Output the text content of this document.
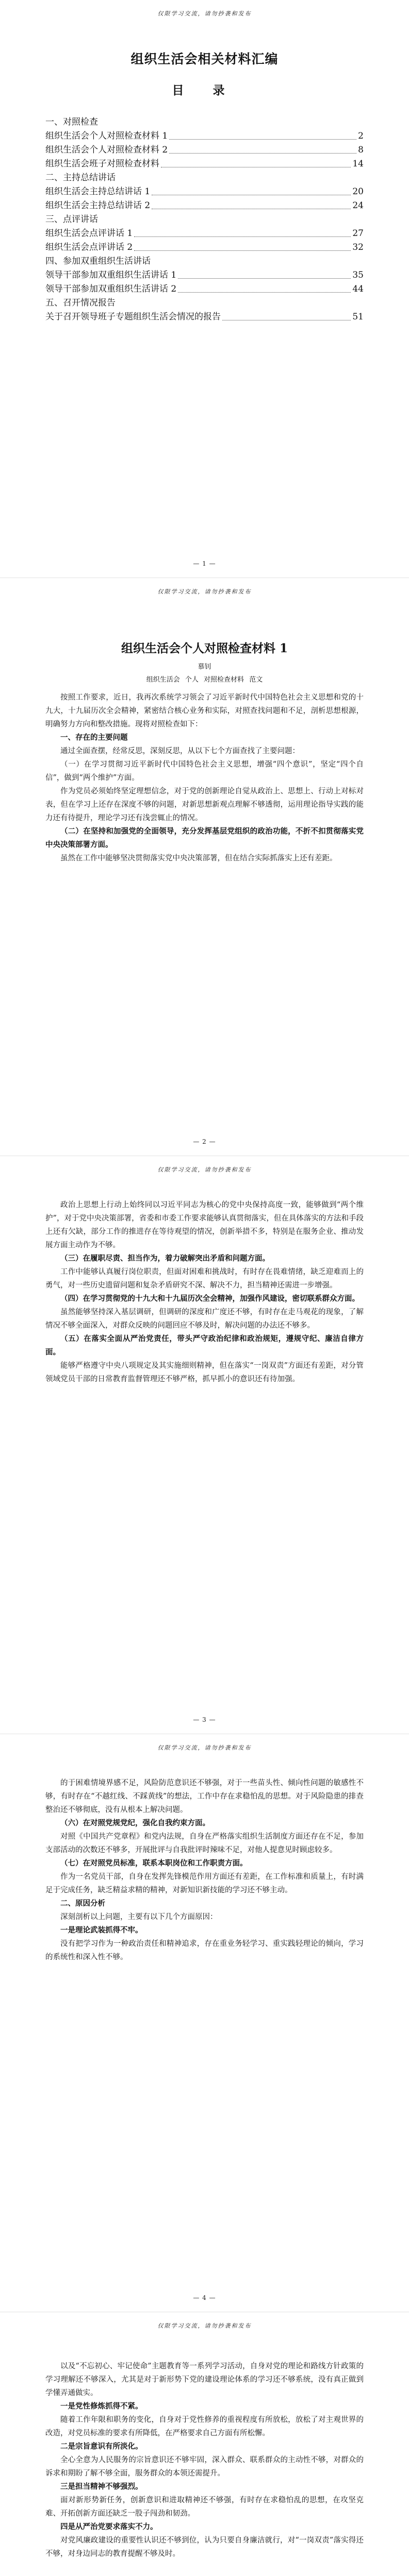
仅限学习交流，请勿抄袭和发布
组织生活会相关材料汇编
目 录
一、对照检查
组织生活会个人对照检查材料 1	2
组织生活会个人对照检查材料 2	8
组织生活会班子对照检查材料	14
二、主持总结讲话
组织生活会主持总结讲话 1	20
组织生活会主持总结讲话 2	24
三、点评讲话
组织生活会点评讲话 1	27
组织生活会点评讲话 2	32
四、参加双重组织生活讲话
领导干部参加双重组织生活讲话 1	35
领导干部参加双重组织生活讲话 2	44
五、召开情况报告
关于召开领导班子专题组织生活会情况的报告	51
— 1 —
仅限学习交流，请勿抄袭和发布
组织生活会个人对照检查材料 1
慕钊
组织生活会 个人 对照检查材料 范文

按照工作要求，近日，我再次系统学习领会了习近平新时代中国特色社会主义思想和党的十九大，十九届历次全会精神，紧密结合核心业务和实际，对照查找问题和不足，剖析思想根源，明确努力方向和整改措施。现将对照检查如下：

一、存在的主要问题

通过全面查摆，经常反思，深刻反思，从以下七个方面查找了主要问题：

（一）在学习贯彻习近平新时代中国特色社会主义思想，增强“四个意识”，坚定“四个自信”，做到“两个维护”方面。

作为党员必须始终坚定理想信念，对于党的创新理论自觉从政治上、思想上、行动上对标对表，但在学习上还存在深度不够的问题，对新思想新观点理解不够透彻，运用理论指导实践的能力还有待提升，理论学习还有浅尝辄止的情况。

（二）在坚持和加强党的全面领导，充分发挥基层党组织的政治功能，不折不扣贯彻落实党中央决策部署方面。

虽然在工作中能够坚决贯彻落实党中央决策部署，但在结合实际抓落实上还有差距。

— 2 —
仅限学习交流，请勿抄袭和发布

政治上思想上行动上始终同以习近平同志为核心的党中央保持高度一致，能够做到“两个维护”，对于党中央决策部署，省委和市委工作要求能够认真贯彻落实，但在具体落实的方法和手段上还有欠缺，部分工作的推进存在等待观望的情况，创新举措不多，特别是在服务企业、推动发展方面主动作为不够。

（三）在履职尽责、担当作为，着力破解突出矛盾和问题方面。

工作中能够认真履行岗位职责，但面对困难和挑战时，有时存在畏难情绪，缺乏迎难而上的勇气，对一些历史遗留问题和复杂矛盾研究不深、解决不力，担当精神还需进一步增强。

（四）在学习贯彻党的十九大和十九届历次全会精神，加强作风建设，密切联系群众方面。

虽然能够坚持深入基层调研，但调研的深度和广度还不够，有时存在走马观花的现象，了解情况不够全面深入，对群众反映的问题回应不够及时，解决问题的办法还不够多。

（五）在落实全面从严治党责任，带头严守政治纪律和政治规矩，遵规守纪、廉洁自律方面。

能够严格遵守中央八项规定及其实施细则精神，但在落实“一岗双责”方面还有差距，对分管领域党员干部的日常教育监督管理还不够严格，抓早抓小的意识还有待加强。

— 3 —
仅限学习交流，请勿抄袭和发布

的于困难情境界感不足，风险防范意识还不够强，对于一些苗头性、倾向性问题的敏感性不够，有时存在“不越红线、不踩黄线”的想法，工作中存在求稳怕乱的思想。对于风险隐患的排查整治还不够彻底，没有从根本上解决问题。

（六）在对照党规党纪，强化自我约束方面。

对照《中国共产党章程》和党内法规，自身在严格落实组织生活制度方面还存在不足，参加支部活动的次数还不够多，开展批评与自我批评时辣味不足，对他人提意见时顾虑较多。

（七）在对照党员标准，联系本职岗位和工作职责方面。

作为一名党员干部，自身在发挥先锋模范作用方面还有差距，在工作标准和质量上，有时满足于完成任务，缺乏精益求精的精神，对新知识新技能的学习还不够主动。

二、原因分析

深刻剖析以上问题，主要有以下几个方面原因：

一是理论武装抓得不牢。

没有把学习作为一种政治责任和精神追求，存在重业务轻学习、重实践轻理论的倾向，学习的系统性和深入性不够。

— 4 —
仅限学习交流，请勿抄袭和发布

以及“不忘初心、牢记使命”主题教育等一系列学习活动，自身对党的理论和路线方针政策的学习理解还不够深入，尤其是对于新形势下党的建设理论体系的学习还不够系统，没有真正做到学懂弄通做实。

一是党性修炼抓得不紧。

随着工作年限和职务的变化，自身对于党性修养的重视程度有所放松，放松了对主观世界的改造，对党员标准的要求有所降低，在严格要求自己方面有所松懈。

二是宗旨意识有所淡化。

全心全意为人民服务的宗旨意识还不够牢固，深入群众、联系群众的主动性不够，对群众的诉求和期盼了解不够全面，服务群众的本领还需提升。

三是担当精神不够强烈。

面对新形势新任务，创新意识和进取精神还不够强，有时存在求稳怕乱的思想，在攻坚克难、开拓创新方面还缺乏一股子闯劲和韧劲。

四是从严治党要求落实不力。

对党风廉政建设的重要性认识还不够到位，认为只要自身廉洁就行，对“一岗双责”落实得还不够，对身边同志的教育提醒不够及时。
